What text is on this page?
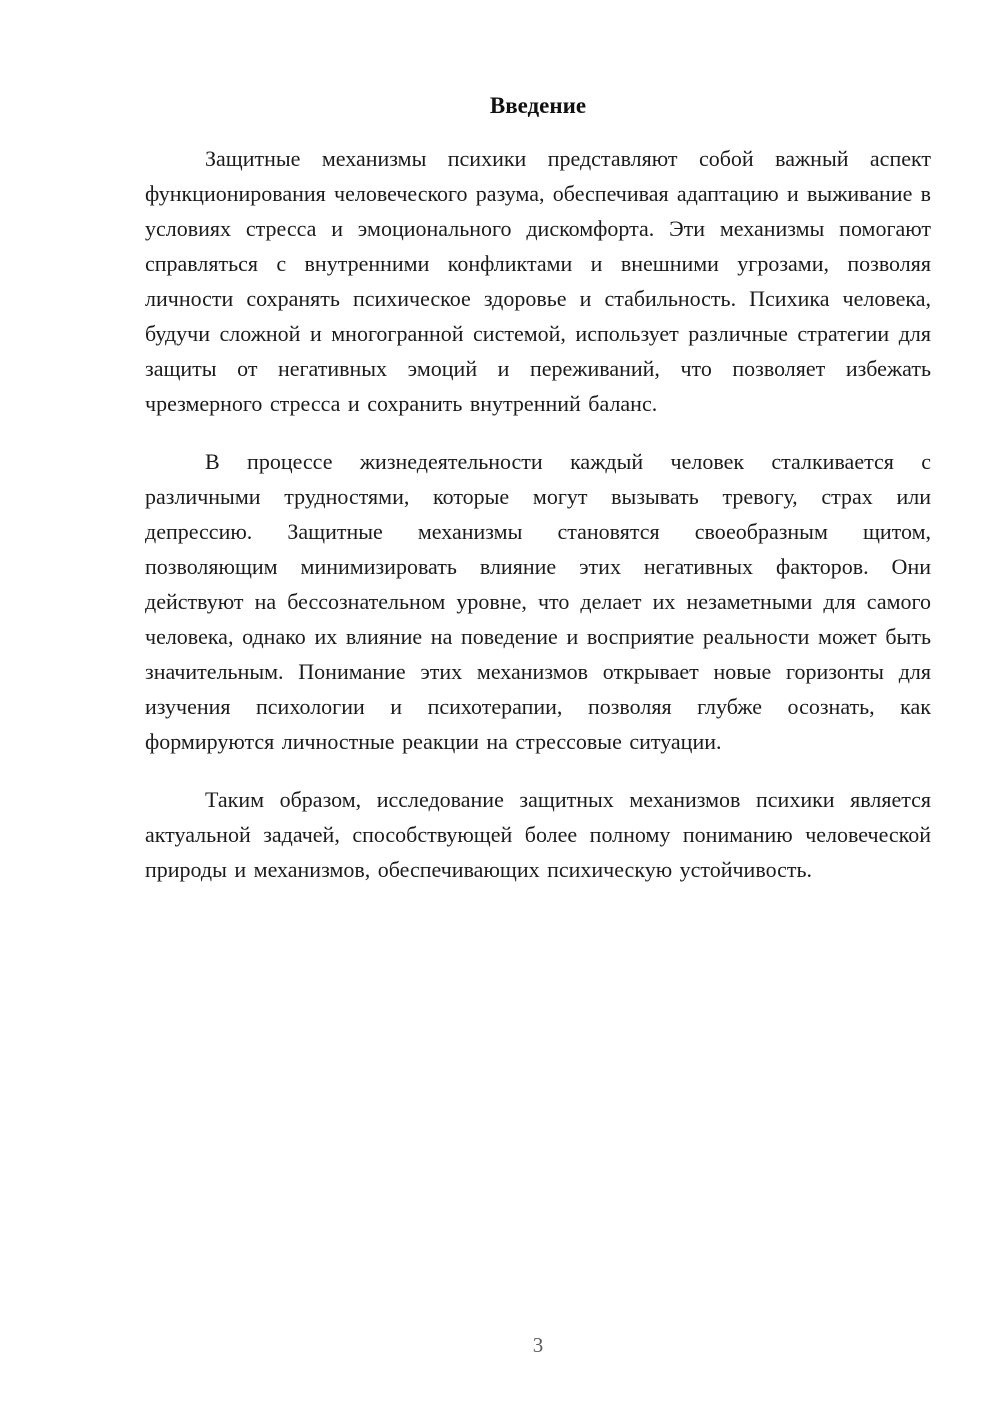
Введение

Защитные механизмы психики представляют собой важный аспект функционирования человеческого разума, обеспечивая адаптацию и выживание в условиях стресса и эмоционального дискомфорта. Эти механизмы помогают справляться с внутренними конфликтами и внешними угрозами, позволяя личности сохранять психическое здоровье и стабильность. Психика человека, будучи сложной и многогранной системой, использует различные стратегии для защиты от негативных эмоций и переживаний, что позволяет избежать чрезмерного стресса и сохранить внутренний баланс.

В процессе жизнедеятельности каждый человек сталкивается с различными трудностями, которые могут вызывать тревогу, страх или депрессию. Защитные механизмы становятся своеобразным щитом, позволяющим минимизировать влияние этих негативных факторов. Они действуют на бессознательном уровне, что делает их незаметными для самого человека, однако их влияние на поведение и восприятие реальности может быть значительным. Понимание этих механизмов открывает новые горизонты для изучения психологии и психотерапии, позволяя глубже осознать, как формируются личностные реакции на стрессовые ситуации.

Таким образом, исследование защитных механизмов психики является актуальной задачей, способствующей более полному пониманию человеческой природы и механизмов, обеспечивающих психическую устойчивость.

3
